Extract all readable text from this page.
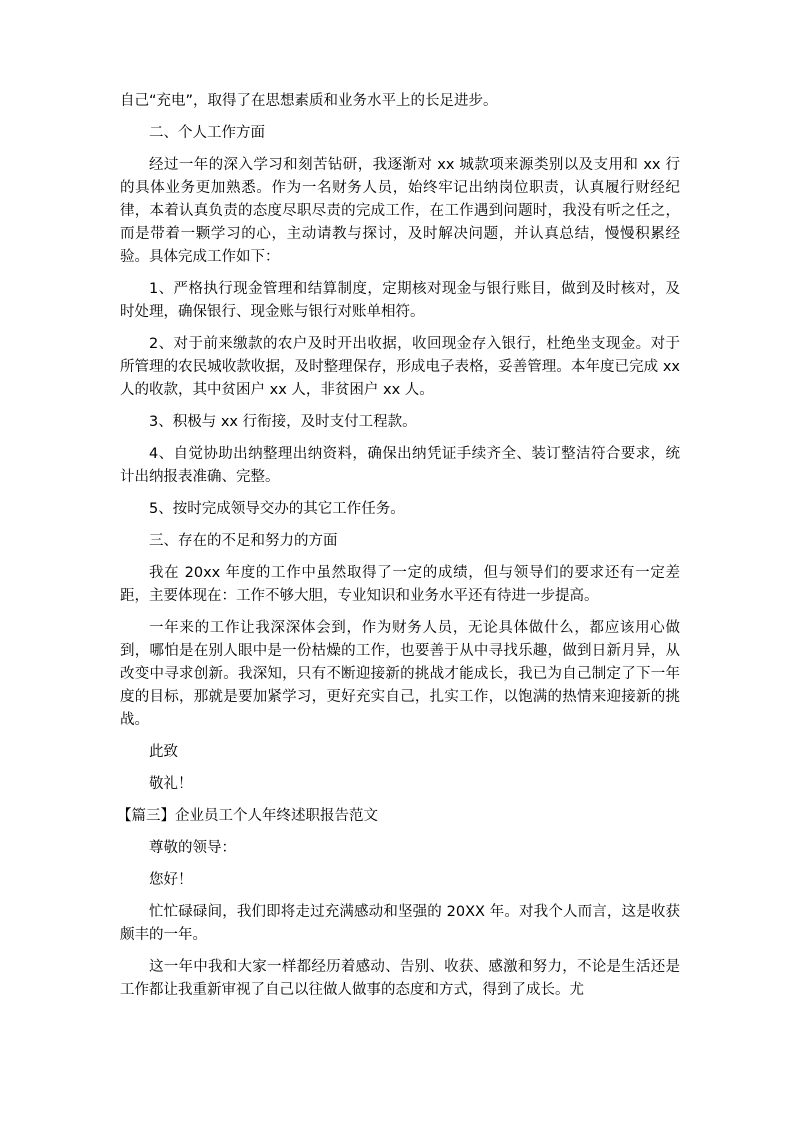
自己“充电”，取得了在思想素质和业务水平上的长足进步。

二、个人工作方面

经过一年的深入学习和刻苦钻研，我逐渐对 xx 城款项来源类别以及支用和 xx 行的具体业务更加熟悉。作为一名财务人员，始终牢记出纳岗位职责，认真履行财经纪律，本着认真负责的态度尽职尽责的完成工作，在工作遇到问题时，我没有听之任之，而是带着一颗学习的心，主动请教与探讨，及时解决问题，并认真总结，慢慢积累经验。具体完成工作如下：

1、严格执行现金管理和结算制度，定期核对现金与银行账目，做到及时核对，及时处理，确保银行、现金账与银行对账单相符。

2、对于前来缴款的农户及时开出收据，收回现金存入银行，杜绝坐支现金。对于所管理的农民城收款收据，及时整理保存，形成电子表格，妥善管理。本年度已完成 xx 人的收款，其中贫困户 xx 人，非贫困户 xx 人。

3、积极与 xx 行衔接，及时支付工程款。

4、自觉协助出纳整理出纳资料，确保出纳凭证手续齐全、装订整洁符合要求，统计出纳报表准确、完整。

5、按时完成领导交办的其它工作任务。

三、存在的不足和努力的方面

我在 20xx 年度的工作中虽然取得了一定的成绩，但与领导们的要求还有一定差距，主要体现在：工作不够大胆，专业知识和业务水平还有待进一步提高。

一年来的工作让我深深体会到，作为财务人员，无论具体做什么，都应该用心做到，哪怕是在别人眼中是一份枯燥的工作，也要善于从中寻找乐趣，做到日新月异，从改变中寻求创新。我深知，只有不断迎接新的挑战才能成长，我已为自己制定了下一年度的目标，那就是要加紧学习，更好充实自己，扎实工作，以饱满的热情来迎接新的挑战。

此致

敬礼！

【篇三】企业员工个人年终述职报告范文

尊敬的领导：

您好！

忙忙碌碌间，我们即将走过充满感动和坚强的 20XX 年。对我个人而言，这是收获颇丰的一年。

这一年中我和大家一样都经历着感动、告别、收获、感激和努力，不论是生活还是工作都让我重新审视了自己以往做人做事的态度和方式，得到了成长。尤
